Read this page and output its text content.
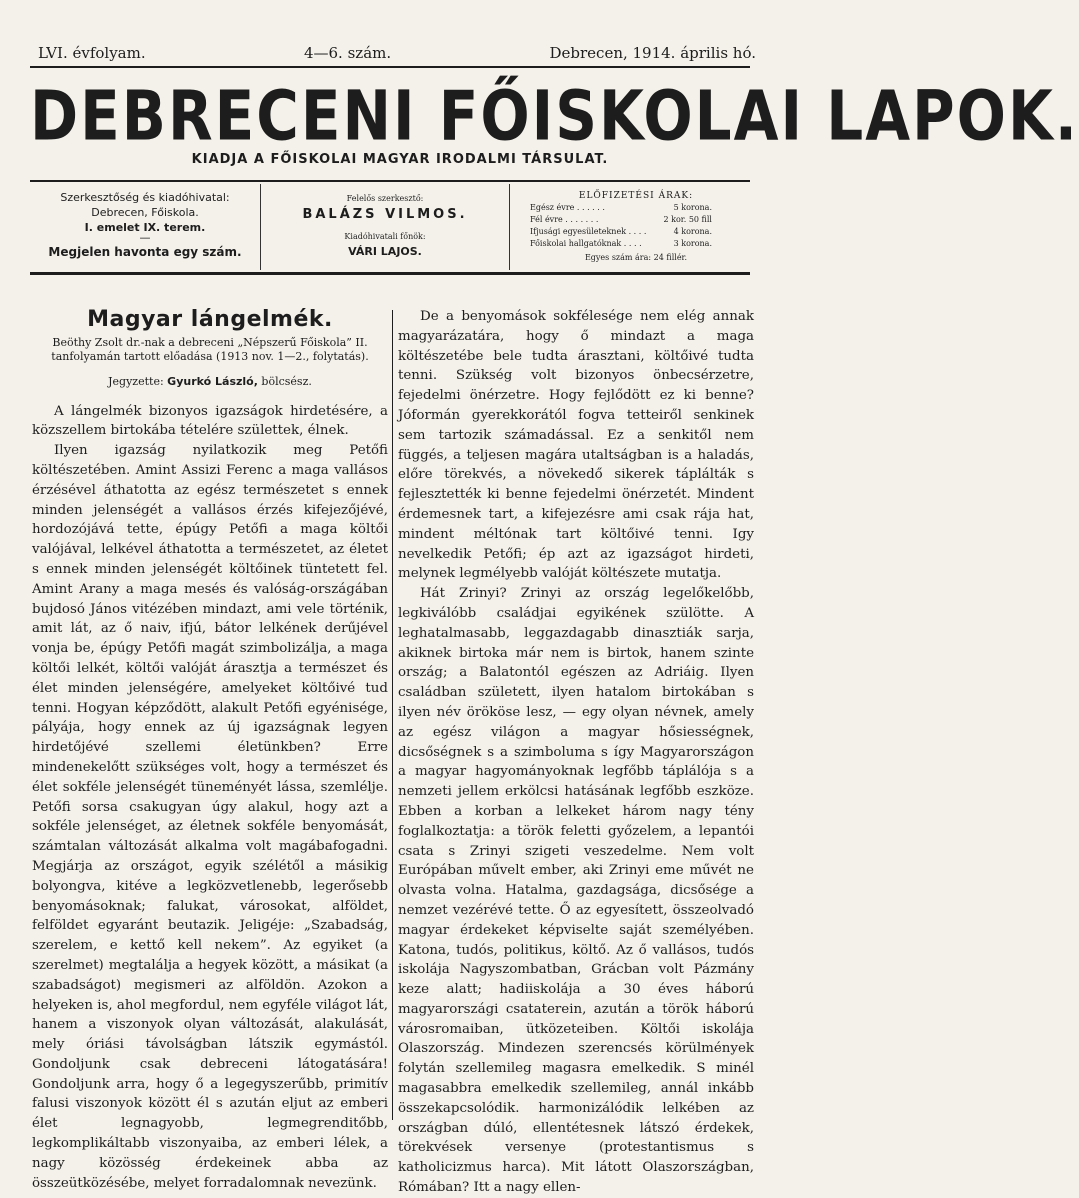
LVI. évfolyam.	4—6. szám.	Debrecen, 1914. április hó.
DEBRECENI FŐISKOLAI LAPOK.
KIADJA A FŐISKOLAI MAGYAR IRODALMI TÁRSULAT.
Szerkesztőség és kiadóhivatal:
Debrecen, Főiskola.
I. emelet IX. terem.
—
Megjelen havonta egy szám.
Felelős szerkesztő:
BALÁZS VILMOS.
Kiadóhivatali főnök:
VÁRI LAJOS.
ELŐFIZETÉSI ÁRAK:
Egész évre . . . . . .	5 korona.
Fél évre . . . . . . .	2 kor. 50 fill
Ifjusági egyesületeknek . . . .	4 korona.
Főiskolai hallgatóknak . . . .	3 korona.
Egyes szám ára: 24 fillér.
Magyar lángelmék.
Beöthy Zsolt dr.-nak a debreceni „Népszerű Főiskola” II. tanfolyamán tartott előadása (1913 nov. 1—2., folytatás).
Jegyzette: Gyurkó László, bölcsész.

A lángelmék bizonyos igazságok hirdetésére, a közszellem birtokába tételére születtek, élnek.

Ilyen igazság nyilatkozik meg Petőfi költészetében. Amint Assizi Ferenc a maga vallásos érzésével áthatotta az egész természetet s ennek minden jelenségét a vallásos érzés kifejezőjévé, hordozójává tette, épúgy Petőfi a maga költői valójával, lelkével áthatotta a természetet, az életet s ennek minden jelenségét költőinek tüntetett fel. Amint Arany a maga mesés és valóság-országában bujdosó János vitézében mindazt, ami vele történik, amit lát, az ő naiv, ifjú, bátor lelkének derűjével vonja be, épúgy Petőfi magát szimbolizálja, a maga költői lelkét, költői valóját árasztja a természet és élet minden jelenségére, amelyeket költőivé tud tenni. Hogyan képződött, alakult Petőfi egyénisége, pályája, hogy ennek az új igazságnak legyen hirdetőjévé szellemi életünkben? Erre mindenekelőtt szükséges volt, hogy a természet és élet sokféle jelenségét tüneményét lássa, szemlélje. Petőfi sorsa csakugyan úgy alakul, hogy azt a sokféle jelenséget, az életnek sokféle benyomását, számtalan változását alkalma volt magábafogadni. Megjárja az országot, egyik szélétől a másikig bolyongva, kitéve a legközvetlenebb, legerősebb benyomásoknak; falukat, városokat, alföldet, felföldet egyaránt beutazik. Jeligéje: „Szabadság, szerelem, e kettő kell nekem”. Az egyiket (a szerelmet) megtalálja a hegyek között, a másikat (a szabadságot) megismeri az alföldön. Azokon a helyeken is, ahol megfordul, nem egyféle világot lát, hanem a viszonyok olyan változását, alakulását, mely óriási távolságban látszik egymástól. Gondoljunk csak debreceni látogatására! Gondoljunk arra, hogy ő a legegyszerűbb, primitív falusi viszonyok között él s azután eljut az emberi élet legnagyobb, legmegrenditőbb, legkomplikáltabb viszonyaiba, az emberi lélek, a nagy közösség érdekeinek abba az összeütközésébe, melyet forradalomnak nevezünk.

De a benyomások sokfélesége nem elég annak magyarázatára, hogy ő mindazt a maga költészetébe bele tudta árasztani, költőivé tudta tenni. Szükség volt bizonyos önbecsérzetre, fejedelmi önérzetre. Hogy fejlődött ez ki benne? Jóformán gyerekkorától fogva tetteiről senkinek sem tartozik számadással. Ez a senkitől nem függés, a teljesen magára utaltságban is a haladás, előre törekvés, a növekedő sikerek táplálták s fejlesztették ki benne fejedelmi önérzetét. Mindent érdemesnek tart, a kifejezésre ami csak rája hat, mindent méltónak tart költőivé tenni. Igy nevelkedik Petőfi; ép azt az igazságot hirdeti, melynek legmélyebb valóját költészete mutatja.

Hát Zrinyi? Zrinyi az ország legelőkelőbb, legkiválóbb családjai egyikének szülötte. A leghatalmasabb, leggazdagabb dinasztiák sarja, akiknek birtoka már nem is birtok, hanem szinte ország; a Balatontól egészen az Adriáig. Ilyen családban született, ilyen hatalom birtokában s ilyen név örököse lesz, — egy olyan névnek, amely az egész világon a magyar hősiességnek, dicsőségnek s a szimboluma s így Magyarországon a magyar hagyományoknak legfőbb táplálója s a nemzeti jellem erkölcsi hatásának legfőbb eszköze. Ebben a korban a lelkeket három nagy tény foglalkoztatja: a török feletti győzelem, a lepantói csata s Zrinyi szigeti veszedelme. Nem volt Európában művelt ember, aki Zrinyi eme művét ne olvasta volna. Hatalma, gazdagsága, dicsősége a nemzet vezérévé tette. Ő az egyesített, összeolvadó magyar érdekeket képviselte saját személyében. Katona, tudós, politikus, költő. Az ő vallásos, tudós iskolája Nagyszombatban, Grácban volt Pázmány keze alatt; hadiiskolája a 30 éves háború magyarországi csataterein, azután a török háború városromaiban, ütközeteiben. Költői iskolája Olaszország. Mindezen szerencsés körülmények folytán szellemileg magasra emelkedik. S minél magasabbra emelkedik szellemileg, annál inkább összekapcsolódik. harmonizálódik lelkében az országban dúló, ellentétesnek látszó érdekek, törekvések versenye (protestantismus s katholicizmus harca). Mit látott Olaszországban, Rómában? Itt a nagy ellen-
